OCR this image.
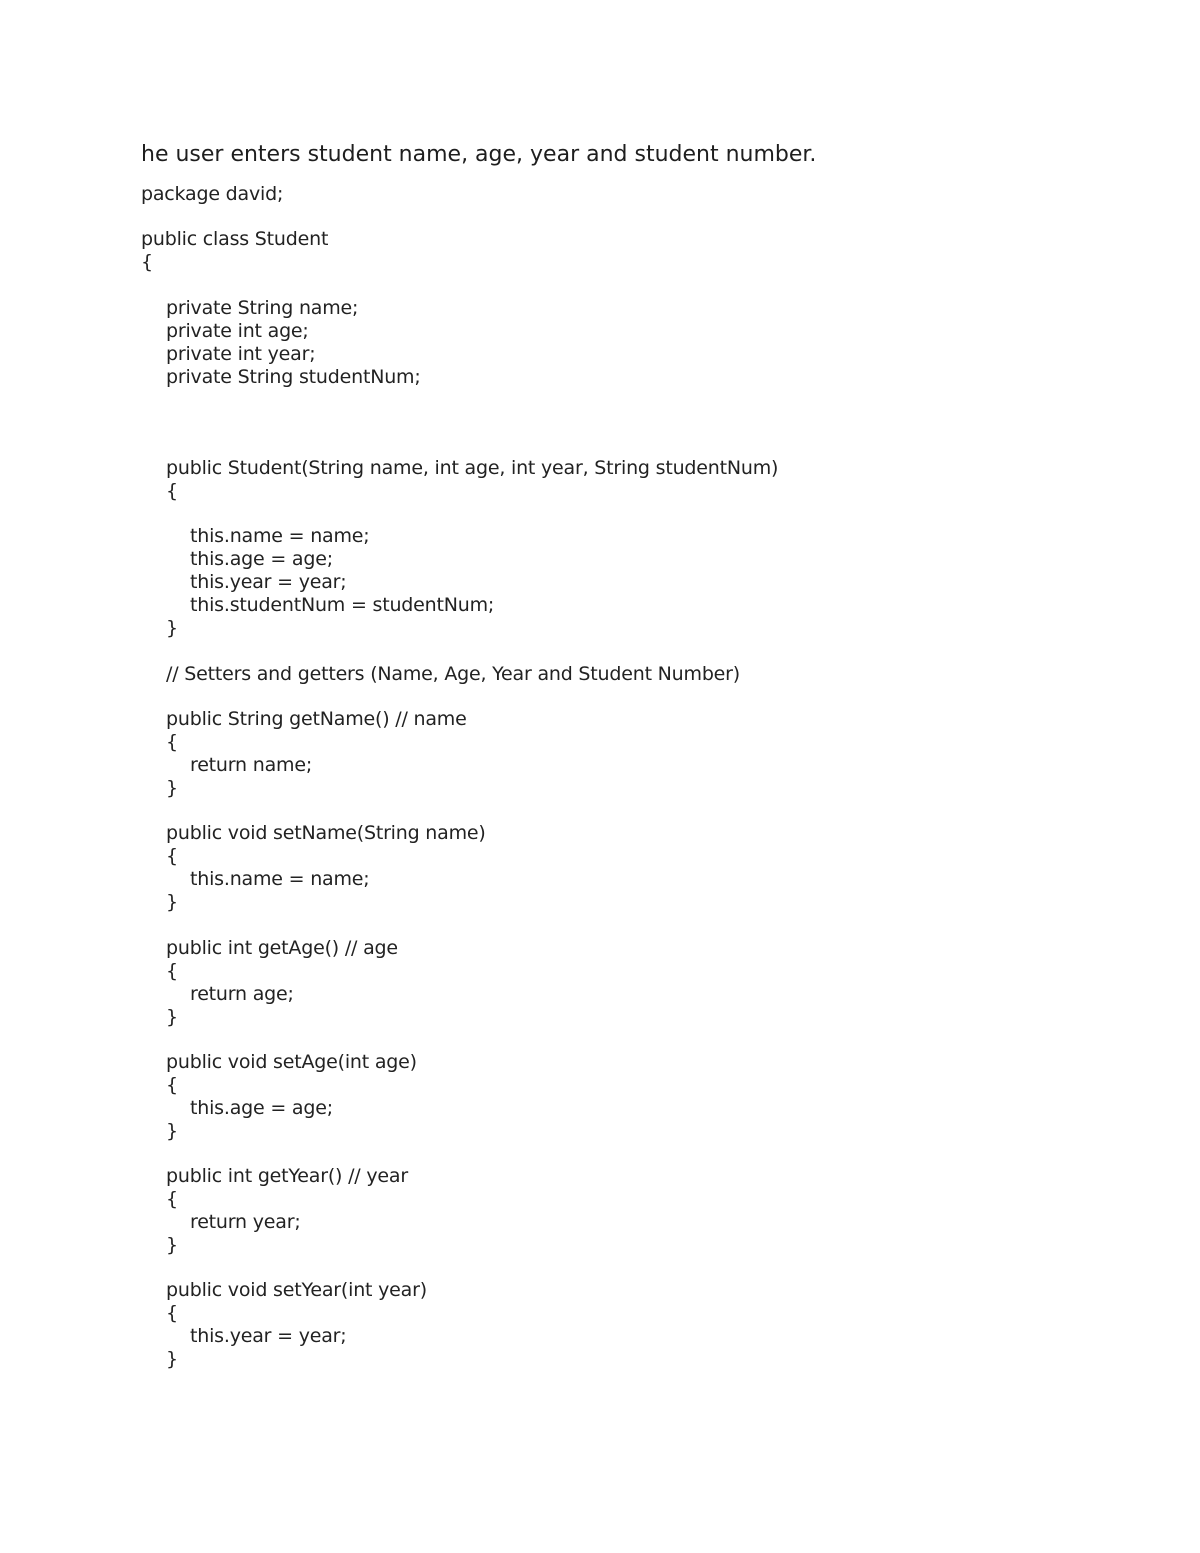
he user enters student name, age, year and student number.
package david;
public class Student
{
private String name;
private int age;
private int year;
private String studentNum;
public Student(String name, int age, int year, String studentNum)
{
this.name = name;
this.age = age;
this.year = year;
this.studentNum = studentNum;
}
// Setters and getters (Name, Age, Year and Student Number)
public String getName() // name
{
return name;
}
public void setName(String name)
{
this.name = name;
}
public int getAge() // age
{
return age;
}
public void setAge(int age)
{
this.age = age;
}
public int getYear() // year
{
return year;
}
public void setYear(int year)
{
this.year = year;
}
